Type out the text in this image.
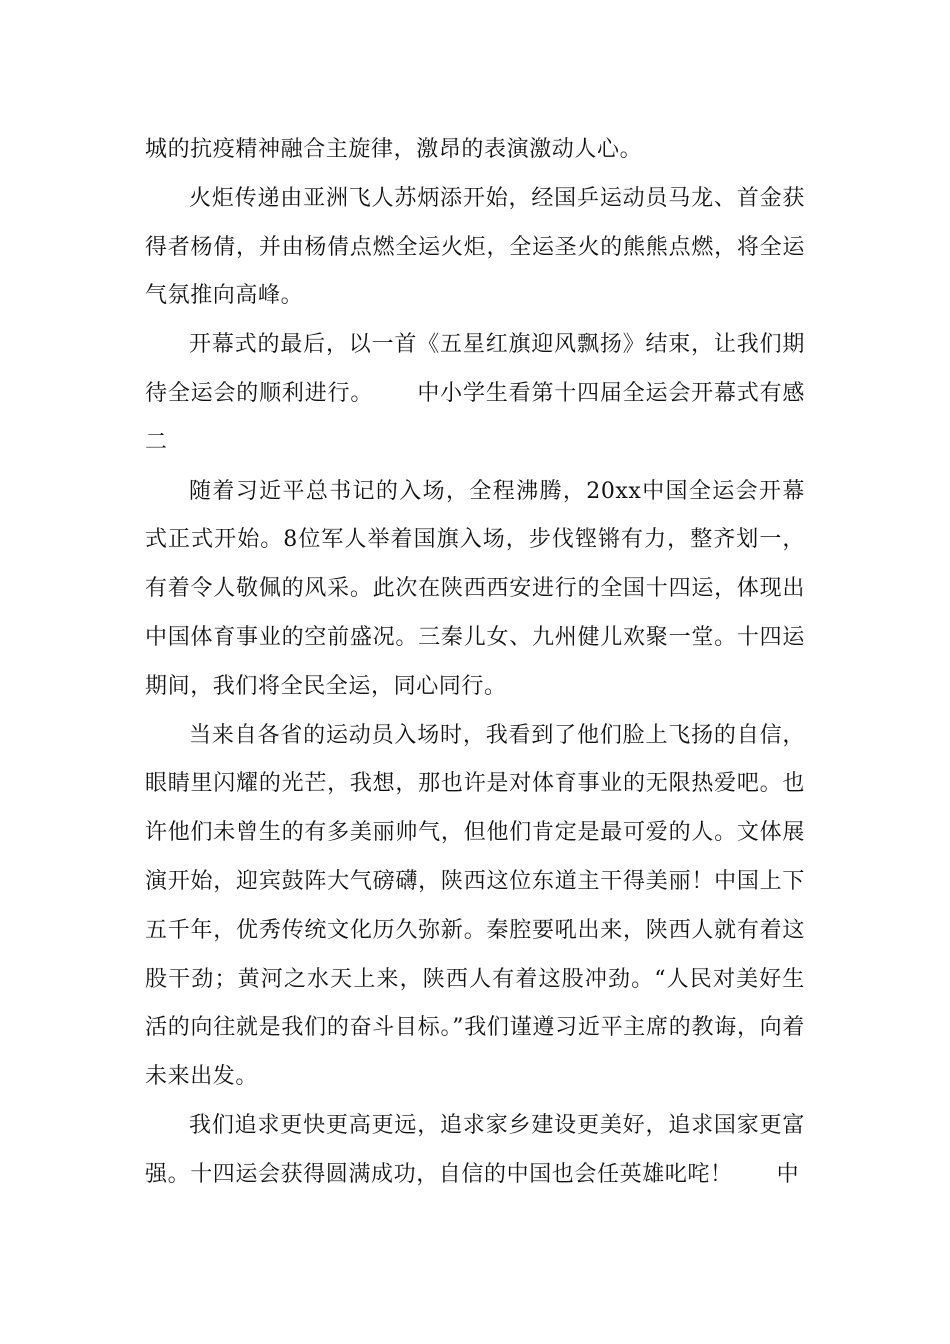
城的抗疫精神融合主旋律，激昂的表演激动人心。

火炬传递由亚洲飞人苏炳添开始，经国乒运动员马龙、首金获得者杨倩，并由杨倩点燃全运火炬，全运圣火的熊熊点燃，将全运气氛推向高峰。

开幕式的最后，以一首《五星红旗迎风飘扬》结束，让我们期待全运会的顺利进行。 中小学生看第十四届全运会开幕式有感二

随着习近平总书记的入场，全程沸腾，20xx中国全运会开幕式正式开始。8位军人举着国旗入场，步伐铿锵有力，整齐划一，有着令人敬佩的风采。此次在陕西西安进行的全国十四运，体现出中国体育事业的空前盛况。三秦儿女、九州健儿欢聚一堂。十四运期间，我们将全民全运，同心同行。

当来自各省的运动员入场时，我看到了他们脸上飞扬的自信，眼睛里闪耀的光芒，我想，那也许是对体育事业的无限热爱吧。也许他们未曾生的有多美丽帅气，但他们肯定是最可爱的人。文体展演开始，迎宾鼓阵大气磅礴，陕西这位东道主干得美丽！中国上下五千年，优秀传统文化历久弥新。秦腔要吼出来，陕西人就有着这股干劲；黄河之水天上来，陕西人有着这股冲劲。“人民对美好生活的向往就是我们的奋斗目标。”我们谨遵习近平主席的教诲，向着未来出发。

我们追求更快更高更远，追求家乡建设更美好，追求国家更富强。十四运会获得圆满成功，自信的中国也会任英雄叱咤！ 中
